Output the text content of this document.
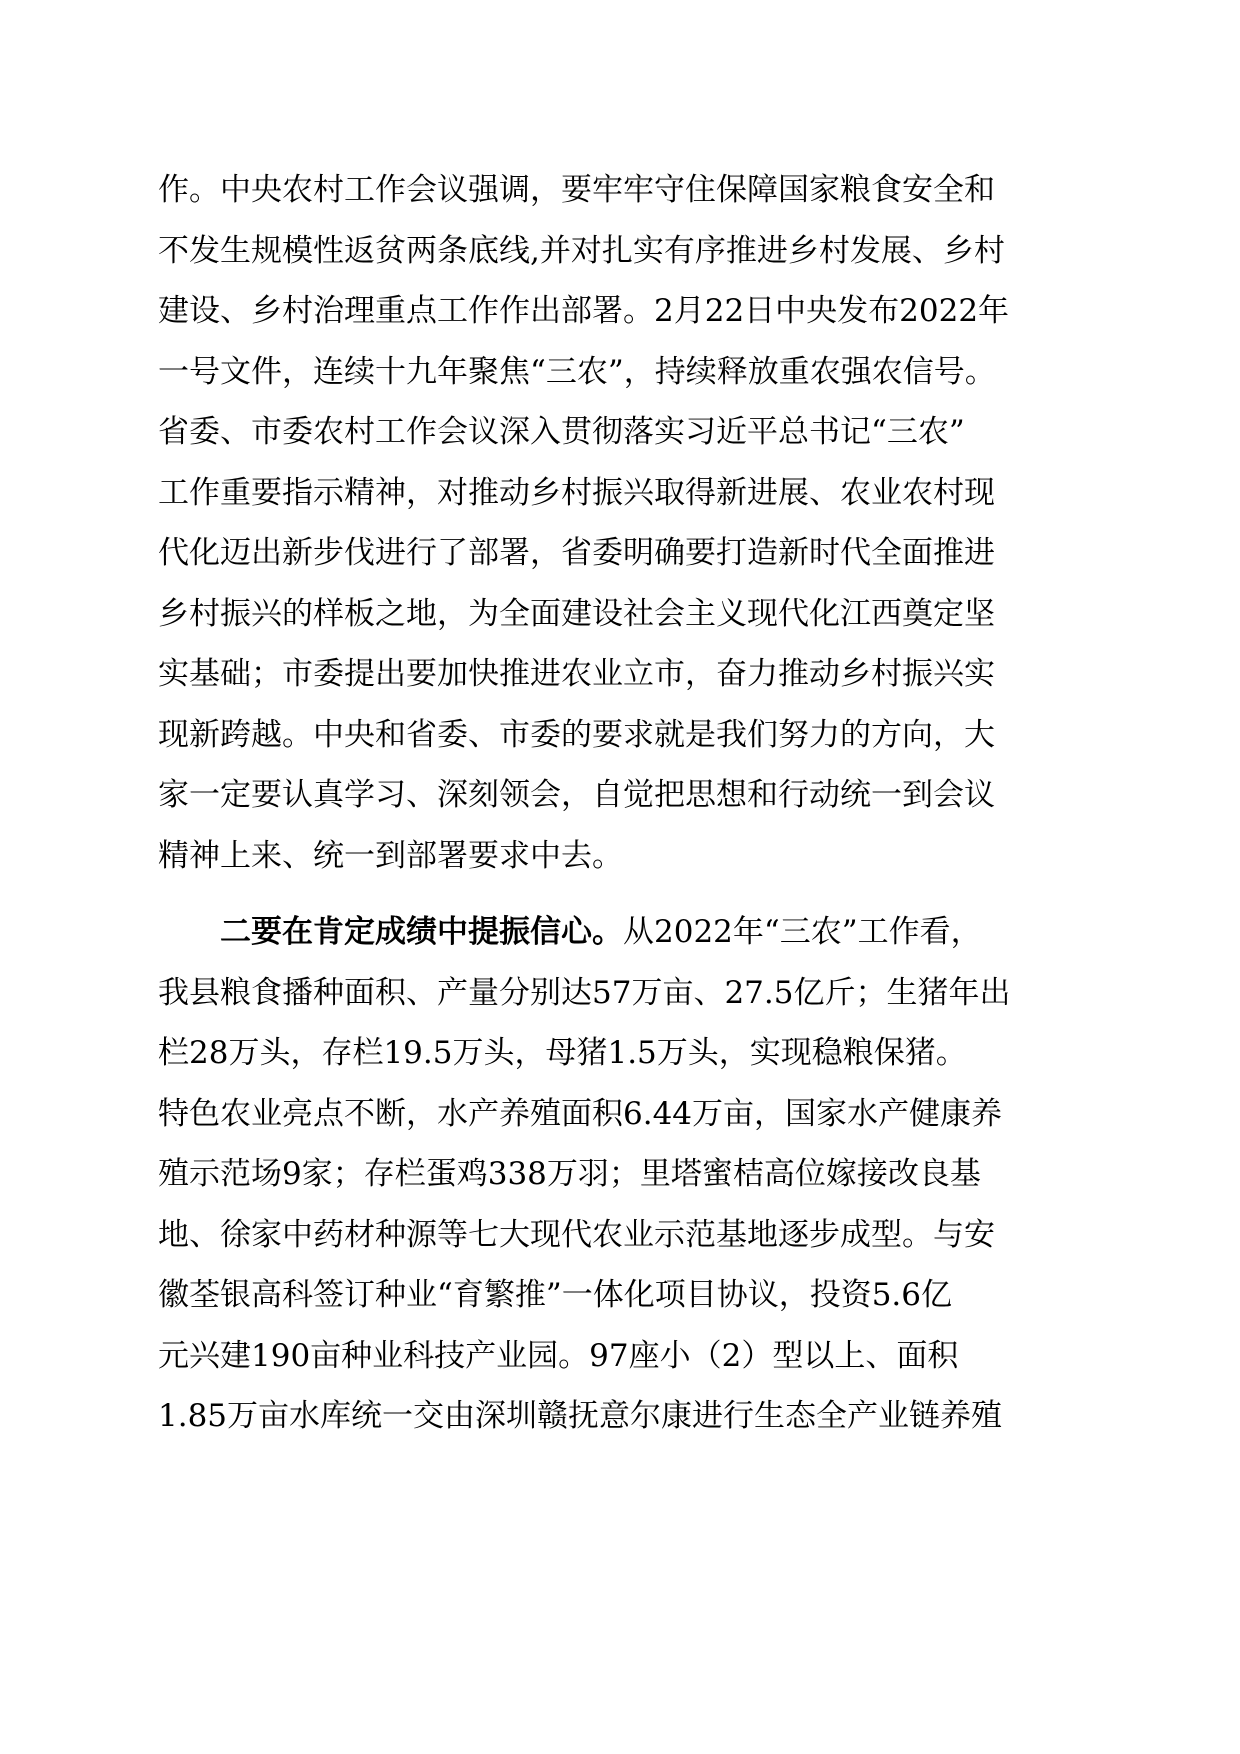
作。中央农村工作会议强调，要牢牢守住保障国家粮食安全和
不发生规模性返贫两条底线,并对扎实有序推进乡村发展、乡村
建设、乡村治理重点工作作出部署。2月22日中央发布2022年
一号文件，连续十九年聚焦“三农”，持续释放重农强农信号。
省委、市委农村工作会议深入贯彻落实习近平总书记“三农”
工作重要指示精神，对推动乡村振兴取得新进展、农业农村现
代化迈出新步伐进行了部署，省委明确要打造新时代全面推进
乡村振兴的样板之地，为全面建设社会主义现代化江西奠定坚
实基础；市委提出要加快推进农业立市，奋力推动乡村振兴实
现新跨越。中央和省委、市委的要求就是我们努力的方向，大
家一定要认真学习、深刻领会，自觉把思想和行动统一到会议
精神上来、统一到部署要求中去。
二要在肯定成绩中提振信心。从2022年“三农”工作看，
我县粮食播种面积、产量分别达57万亩、27.5亿斤；生猪年出
栏28万头，存栏19.5万头，母猪1.5万头，实现稳粮保猪。
特色农业亮点不断，水产养殖面积6.44万亩，国家水产健康养
殖示范场9家；存栏蛋鸡338万羽；里塔蜜桔高位嫁接改良基
地、徐家中药材种源等七大现代农业示范基地逐步成型。与安
徽荃银高科签订种业“育繁推”一体化项目协议，投资5.6亿
元兴建190亩种业科技产业园。97座小（2）型以上、面积
1.85万亩水库统一交由深圳赣抚意尔康进行生态全产业链养殖
